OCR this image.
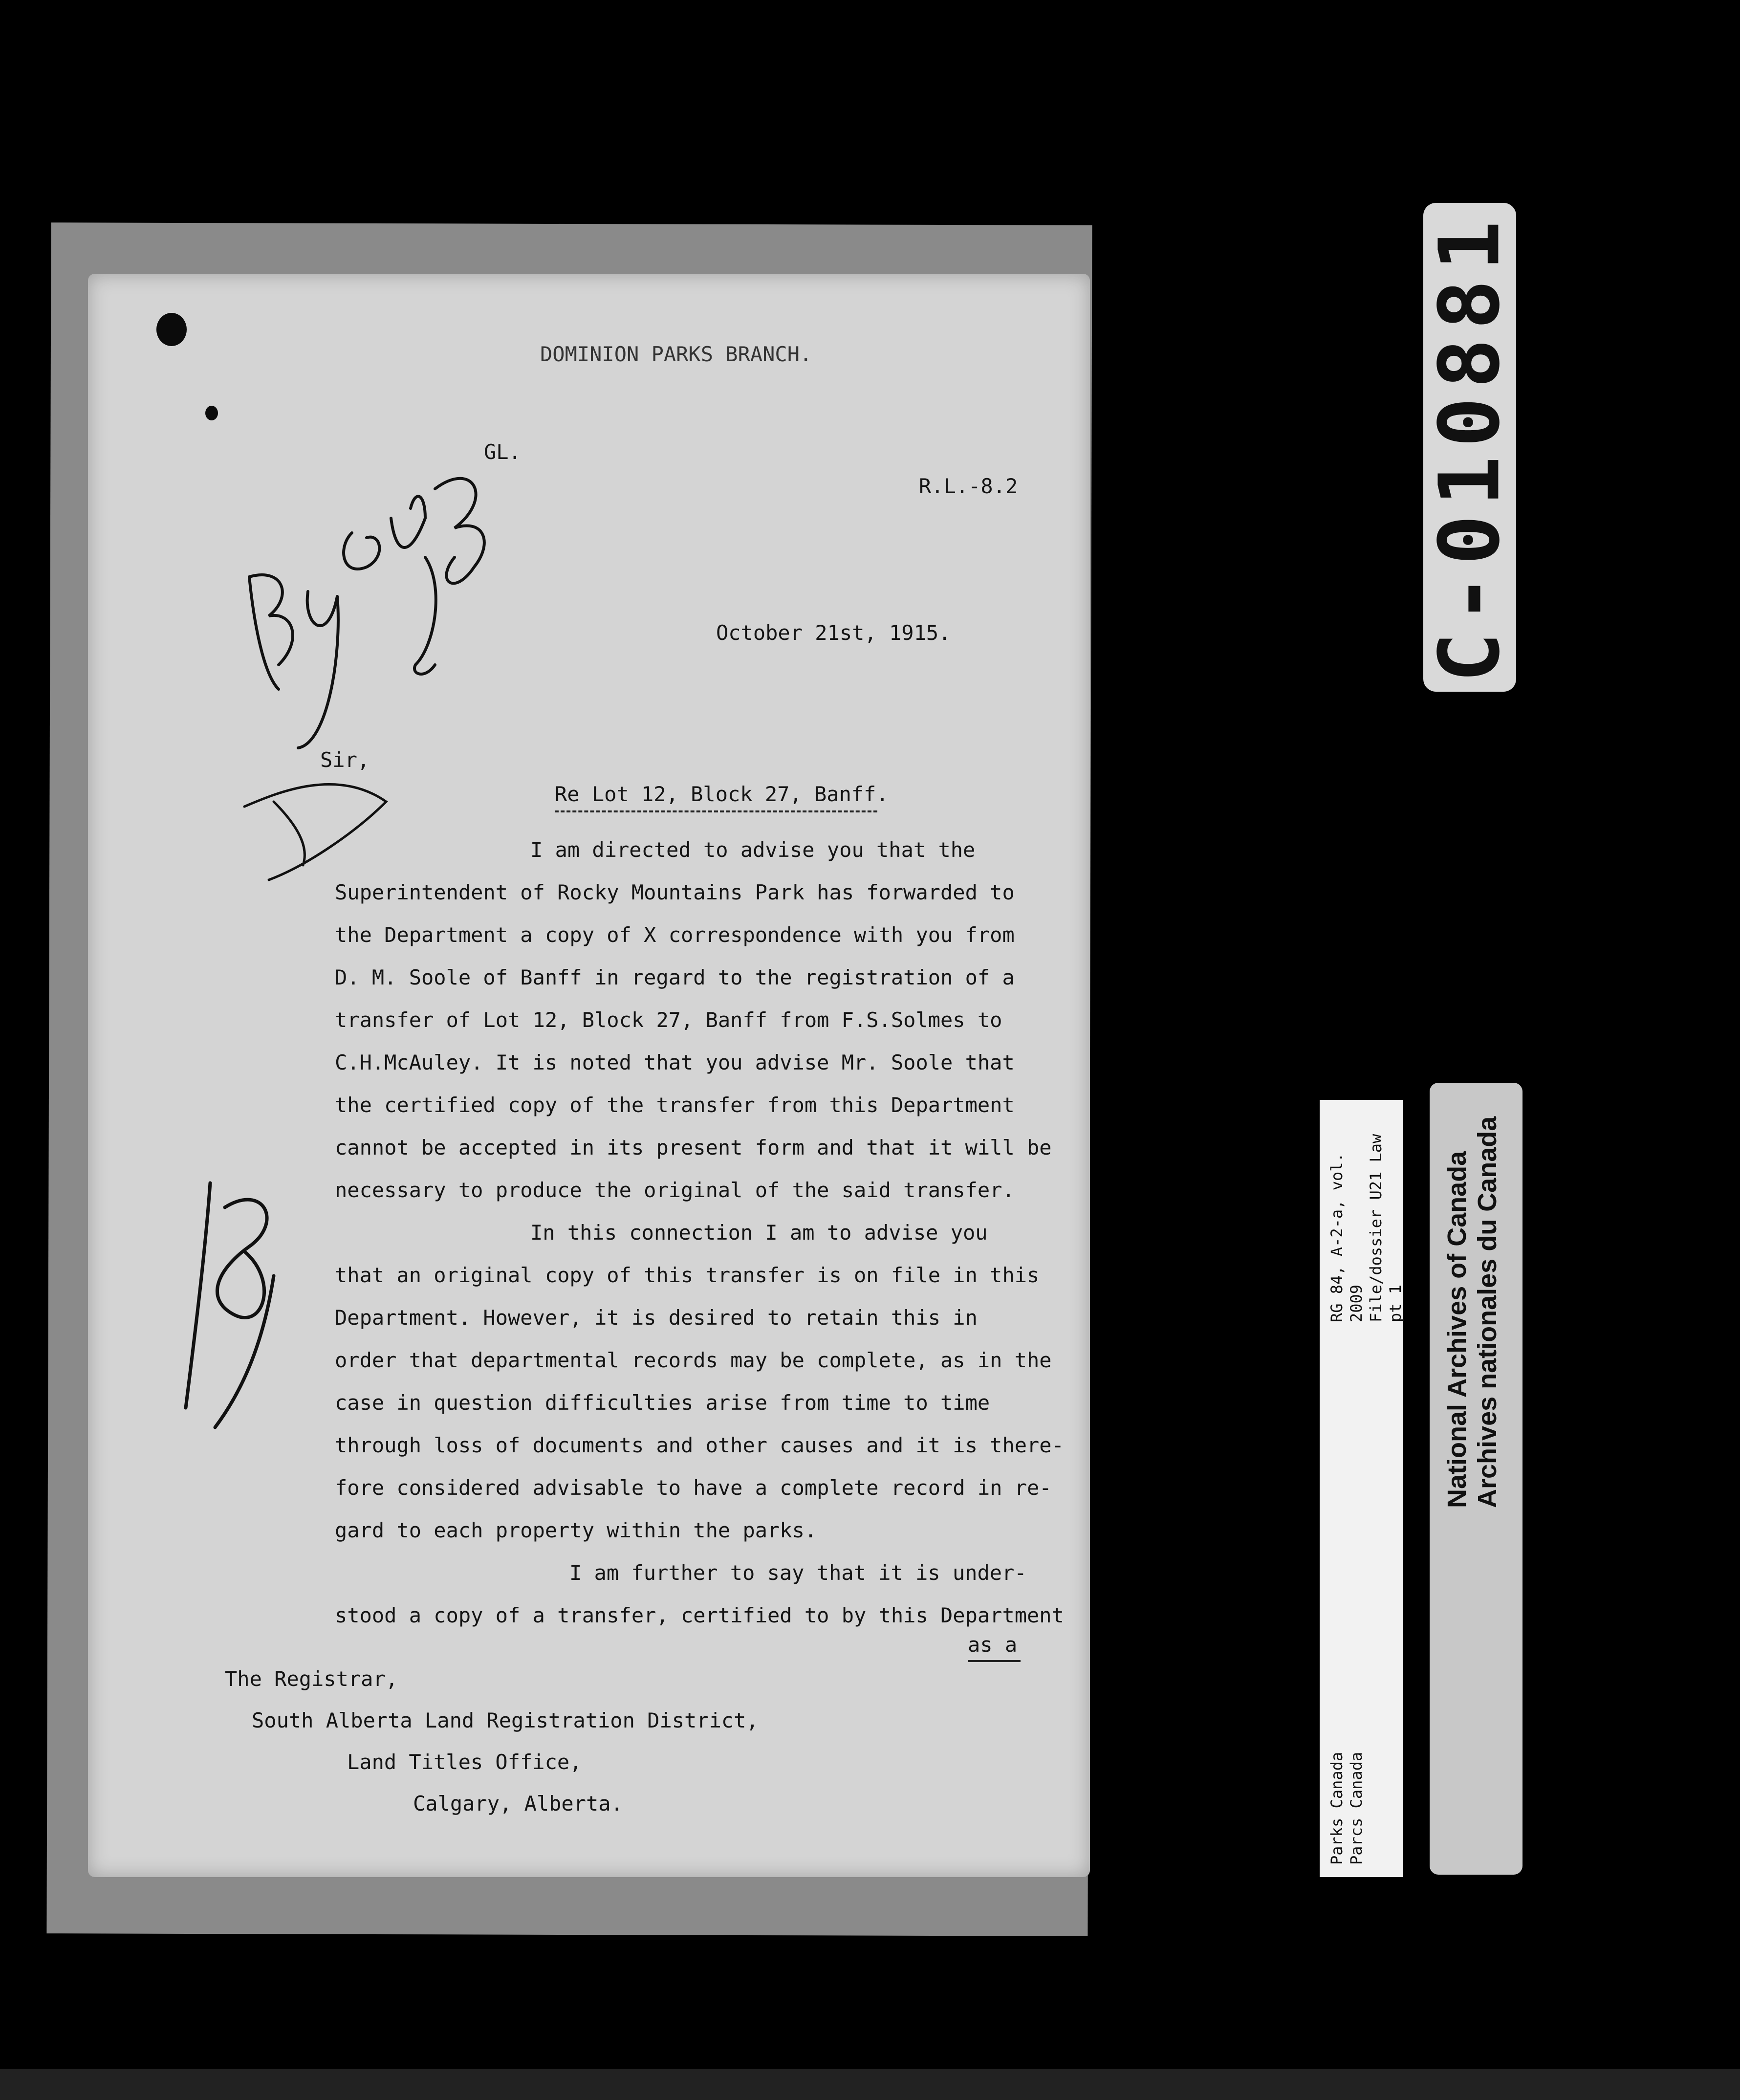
DOMINION PARKS BRANCH.

GL.

R.L.-8.2

October 21st, 1915.

Sir,

Re Lot 12, Block 27, Banff.

I am directed to advise you that the
Superintendent of Rocky Mountains Park has forwarded to
the Department a copy of X correspondence with you from
D. M. Soole of Banff in regard to the registration of a
transfer of Lot 12, Block 27, Banff from F.S.Solmes to
C.H.McAuley. It is noted that you advise Mr. Soole that
the certified copy of the transfer from this Department
cannot be accepted in its present form and that it will be
necessary to produce the original of the said transfer.
In this connection I am to advise you
that an original copy of this transfer is on file in this
Department. However, it is desired to retain this in
order that departmental records may be complete, as in the
case in question difficulties arise from time to time
through loss of documents and other causes and it is there-
fore considered advisable to have a complete record in re-
gard to each property within the parks.
I am further to say that it is under-
stood a copy of a transfer, certified to by this Department

as a

The Registrar,

South Alberta Land Registration District,

Land Titles Office,

Calgary, Alberta.

C-010881
Parks Canada Parcs Canada
RG 84, A-2-a, vol. 2009 File/dossier U21 Law pt 1 National Archives of Canada Archives nationales du Canada
